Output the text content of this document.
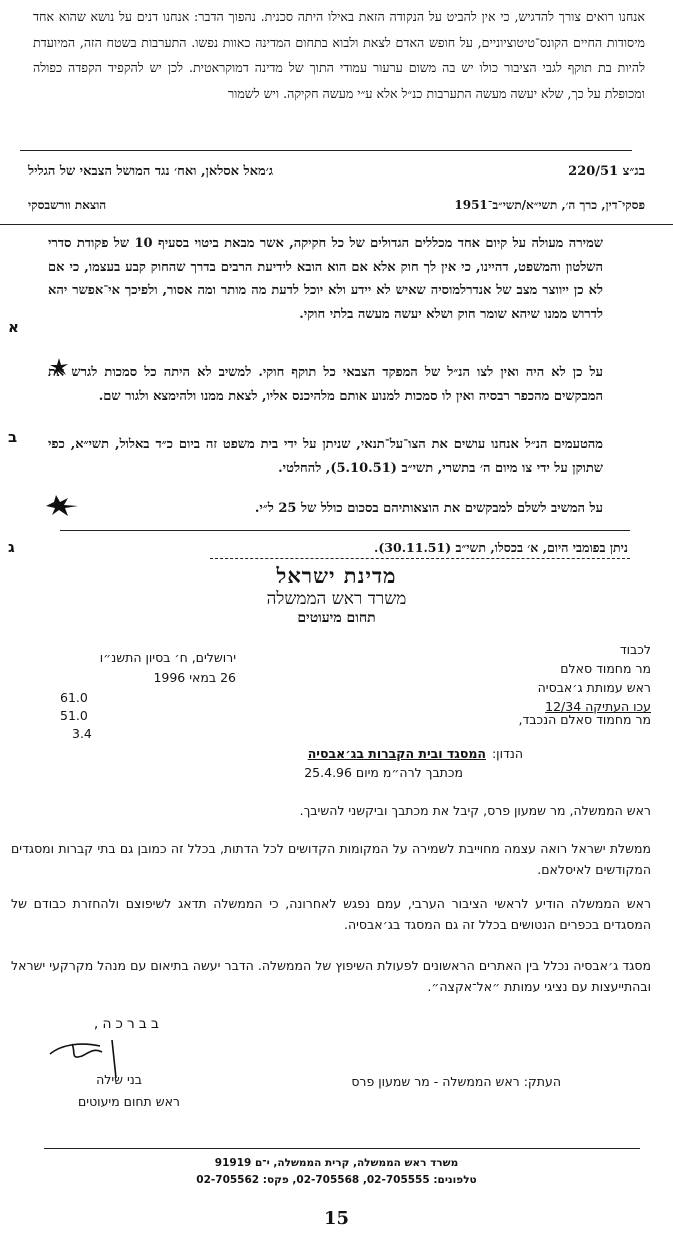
אנחנו רואים צורך להדגיש, כי אין להביט על הנקודה הזאת באילו היתה סכנית. נהפוך הדבר: אנחנו דנים על נושא שהוא אחד מיסודות החיים הקונס־טיטוציוניים, על חופש האדם לצאת ולבוא בתחום המדינה כאוות נפשו. התערבות בשטח הזה, המיועדת להיות בת תוקף לגבי הציבור כולו יש בה משום ערעור עמודי התוך של מדינה דמוקראטית. לכן יש להקפיד הקפדה כפולה ומכופלת על כך, שלא יעשה מעשה התערבות כנ״ל אלא ע״י מעשה חקיקה. ויש לשמור
בג״צ 220/51
ג׳מאל אסלאן, ואח׳ נגד המושל הצבאי של הגליל
פסקי־דין, כרך ה׳, תשי״א/תשי״ב־1951
הוצאת וורשבסקי
שמירה מעולה על קיום אחד מכללים הגדולים של כל חקיקה, אשר מבאת ביטוי בסעיף 10 של פקודת סדרי השלטון והמשפט, דהיינו, כי אין לך חוק אלא אם הוא הובא לידיעת הרבים בדרך שהחוק קבע בעצמו, כי אם לא כן ייווצר מצב של אנדרלמוסיה שאיש לא יידע ולא יוכל לדעת מה מותר ומה אסור, ולפיכך אי־אפשר יהא לדרוש ממנו שיהא שומר חוק ושלא יעשה מעשה בלתי חוקי.
על כן לא היה ואין לצו הנ״ל של המפקד הצבאי כל תוקף חוקי. למשיב לא היתה כל סמכות לגרש את המבקשים מהכפר רבסיה ואין לו סמכות למנוע אותם מלהיכנס אליו, לצאת ממנו ולהימצא ולגור שם.
מהטעמים הנ״ל אנחנו עושים את הצו־על־תנאי, שניתן על ידי בית משפט זה ביום כ״ד באלול, תשי״א, כפי שתוקן על ידי צו מיום ה׳ בתשרי, תשי״ב (5.10.51), להחלטי.
על המשיב לשלם למבקשים את הוצאותיהם בסכום כולל של 25 ל״י.
א
ב
ג	ניתן בפומבי היום, א׳ בכסלו, תשי״ב (30.11.51).
מדינת ישראל
משרד ראש הממשלה
תחום מיעוטים
לכבוד
מר מחמוד סאלם
ראש עמותת ג׳אבסיה
עכו העתיקה 12/34
ירושלים, ח׳ בסיון התשנ״ו
26 במאי 1996
61.0
51.0
3.4
מר מחמוד סאלם הנכבד,
הנדון:
המסגד ובית הקברות בג׳אבסיה
מכתבך לרה״מ מיום 25.4.96
ראש הממשלה, מר שמעון פרס, קיבל את מכתבך וביקשני להשיבך.
ממשלת ישראל רואה עצמה מחוייבת לשמירה על המקומות הקדושים לכל הדתות, בכלל זה כמובן גם בתי קברות ומסגדים המקודשים לאיסלאם.
ראש הממשלה הודיע לראשי הציבור הערבי, עמם נפגש לאחרונה, כי הממשלה תדאג לשיפוצם ולהחזרת כבודם של המסגדים בכפרים הנטושים בכלל זה גם המסגד בג׳אבסיה.
מסגד ג׳אבסיה נכלל בין האתרים הראשונים לפעולת השיפוץ של הממשלה. הדבר יעשה בתיאום עם מנהל מקרקעי ישראל ובהתייעצות עם נציגי עמותת ״אל־אקצה״.
בברכה,
בני שילה
ראש תחום מיעוטים
העתק: ראש הממשלה - מר שמעון פרס
משרד ראש הממשלה, קרית הממשלה, י־ם 91919
טלפונים: 02-705555, 02-705568, פקס: 02-705562
15
